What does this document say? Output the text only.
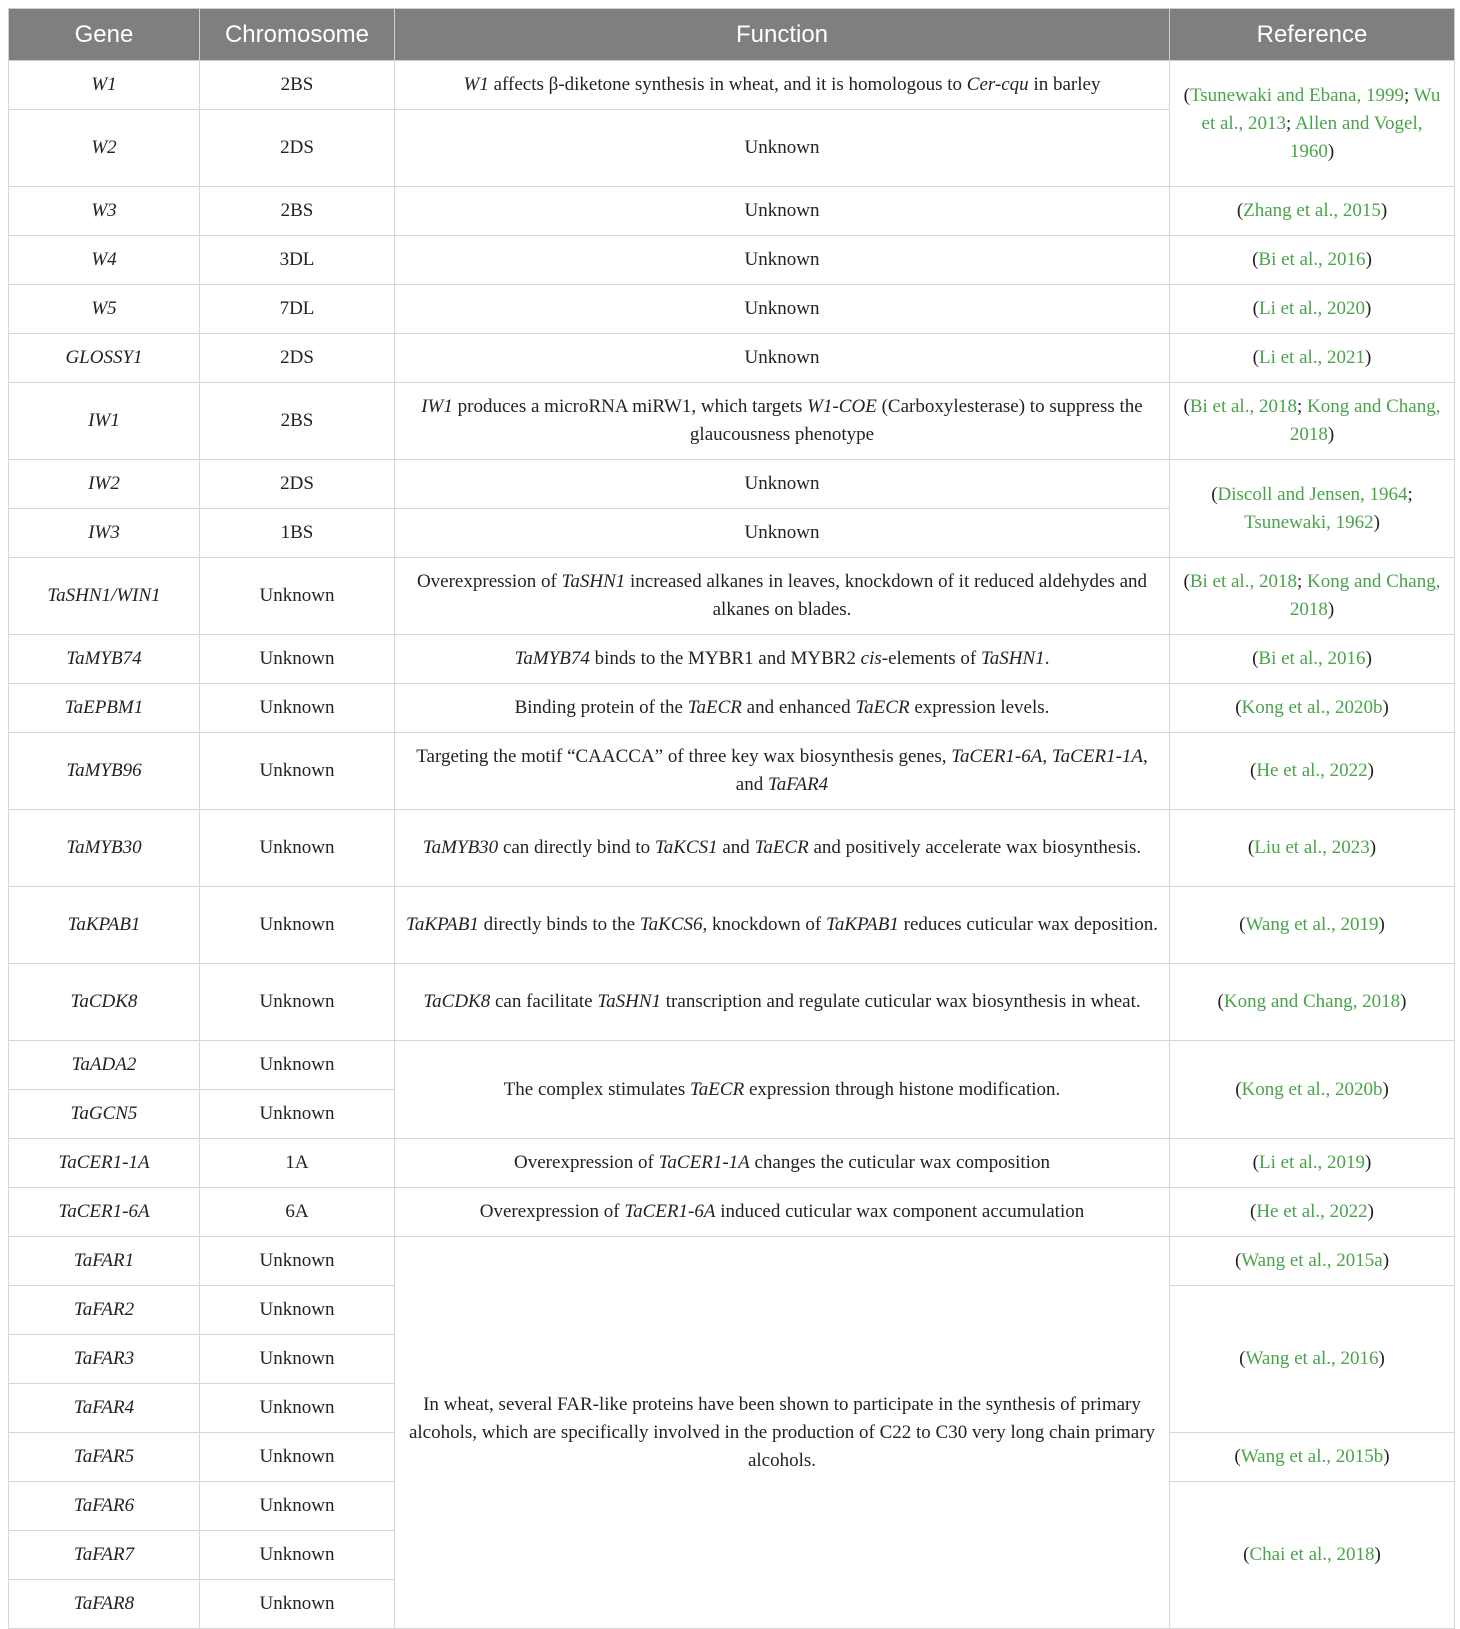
Gene	Chromosome	Function	Reference
W1	2BS	W1 affects β-diketone synthesis in wheat, and it is homologous to Cer-cqu in barley	(Tsunewaki and Ebana, 1999; Wu et al., 2013; Allen and Vogel, 1960)
W2	2DS	Unknown	
W3	2BS	Unknown	(Zhang et al., 2015)
W4	3DL	Unknown	(Bi et al., 2016)
W5	7DL	Unknown	(Li et al., 2020)
GLOSSY1	2DS	Unknown	(Li et al., 2021)
IW1	2BS	IW1 produces a microRNA miRW1, which targets W1-COE (Carboxylesterase) to suppress the glaucousness phenotype	(Bi et al., 2018; Kong and Chang, 2018)
IW2	2DS	Unknown	(Discoll and Jensen, 1964; Tsunewaki, 1962)
IW3	1BS	Unknown	
TaSHN1/WIN1	Unknown	Overexpression of TaSHN1 increased alkanes in leaves, knockdown of it reduced aldehydes and alkanes on blades.	(Bi et al., 2018; Kong and Chang, 2018)
TaMYB74	Unknown	TaMYB74 binds to the MYBR1 and MYBR2 cis-elements of TaSHN1.	(Bi et al., 2016)
TaEPBM1	Unknown	Binding protein of the TaECR and enhanced TaECR expression levels.	(Kong et al., 2020b)
TaMYB96	Unknown	Targeting the motif “CAACCA” of three key wax biosynthesis genes, TaCER1-6A, TaCER1-1A, and TaFAR4	(He et al., 2022)
TaMYB30	Unknown	TaMYB30 can directly bind to TaKCS1 and TaECR and positively accelerate wax biosynthesis.	(Liu et al., 2023)
TaKPAB1	Unknown	TaKPAB1 directly binds to the TaKCS6, knockdown of TaKPAB1 reduces cuticular wax deposition.	(Wang et al., 2019)
TaCDK8	Unknown	TaCDK8 can facilitate TaSHN1 transcription and regulate cuticular wax biosynthesis in wheat.	(Kong and Chang, 2018)
TaADA2	Unknown	The complex stimulates TaECR expression through histone modification.	(Kong et al., 2020b)
TaGCN5	Unknown		
TaCER1-1A	1A	Overexpression of TaCER1-1A changes the cuticular wax composition	(Li et al., 2019)
TaCER1-6A	6A	Overexpression of TaCER1-6A induced cuticular wax component accumulation	(He et al., 2022)
TaFAR1	Unknown	In wheat, several FAR-like proteins have been shown to participate in the synthesis of primary alcohols, which are specifically involved in the production of C22 to C30 very long chain primary alcohols.	(Wang et al., 2015a)
TaFAR2	Unknown		(Wang et al., 2016)
TaFAR3	Unknown		
TaFAR4	Unknown		
TaFAR5	Unknown		(Wang et al., 2015b)
TaFAR6	Unknown		(Chai et al., 2018)
TaFAR7	Unknown		
TaFAR8	Unknown		
